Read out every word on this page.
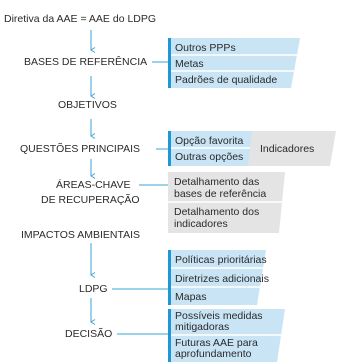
Diretiva da AAE = AAE do LDPG
BASES DE REFERÊNCIA
OBJETIVOS
QUESTÕES PRINCIPAIS
ÁREAS-CHAVE
DE RECUPERAÇÃO
IMPACTOS AMBIENTAIS
LDPG
DECISÃO
Outros PPPs
Metas
Padrões de qualidade
Opção favorita
Outras opções
Indicadores
Detalhamento das
bases de referência
Detalhamento dos
indicadores
Políticas prioritárias
Diretrizes adicionais
Mapas
Possíveis medidas
mitigadoras
Futuras AAE para
aprofundamento
